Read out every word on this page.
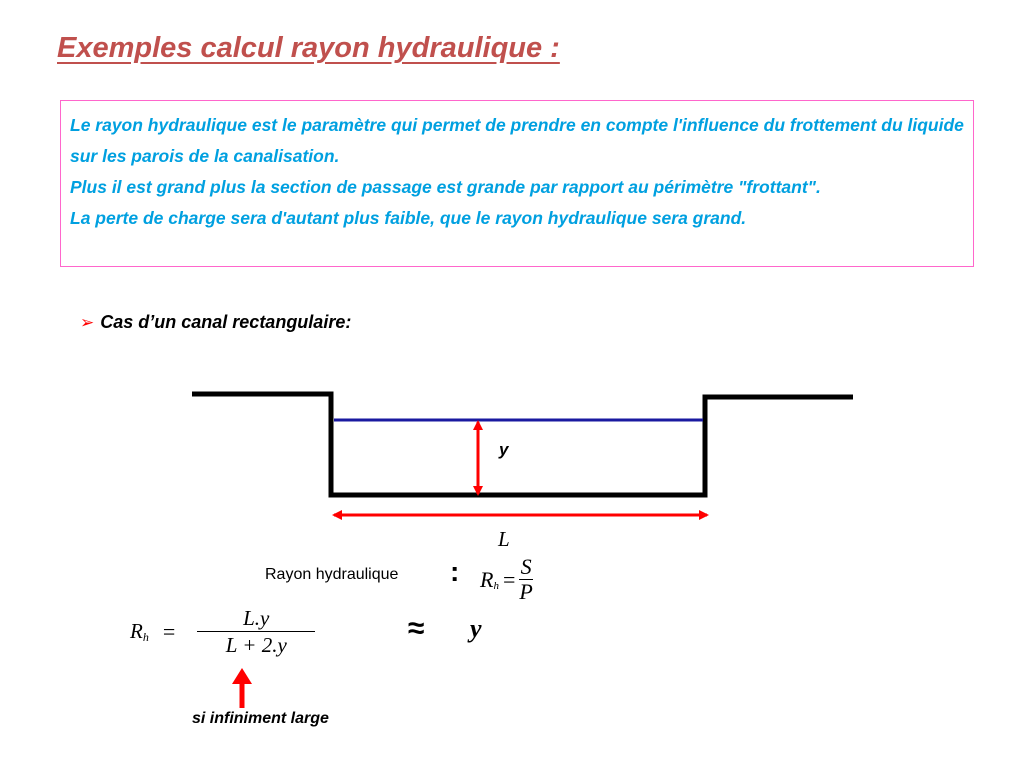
Exemples calcul rayon hydraulique :

Le rayon hydraulique est le paramètre qui permet de prendre en compte l'influence du frottement du liquide sur les parois de la canalisation.

Plus il est grand plus la section de passage est grande par rapport au périmètre "frottant".

La perte de charge sera d'autant plus faible, que le rayon hydraulique sera grand.

➢ Cas d’un canal rectangulaire:
y
L
Rayon hydraulique : R $h = \frac{S}{P}$
R $h = \frac{L.y}{L + 2.y}$	≈ y
si infiniment large
